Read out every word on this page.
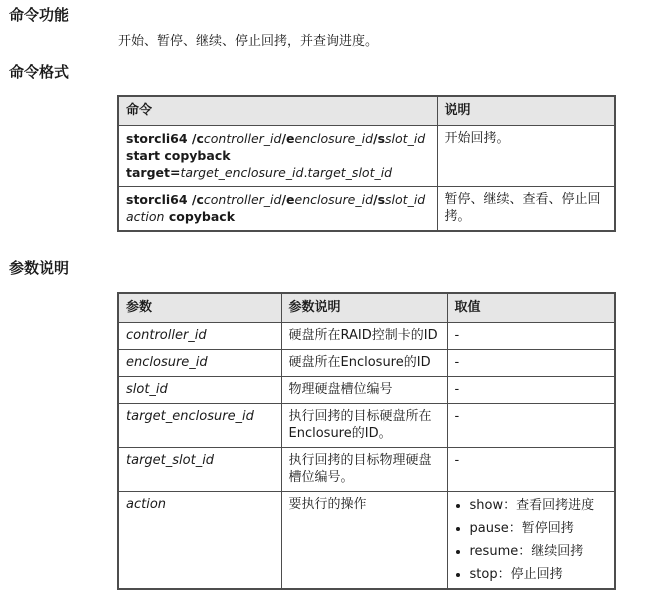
命令功能

开始、暂停、继续、停止回拷，并查询进度。

命令格式
命令	说明

storcli64 /ccontroller_id/eenclosure_id/sslot_id
start copyback
target=target_enclosure_id.target_slot_id	开始回拷。

storcli64 /ccontroller_id/eenclosure_id/sslot_id
action copyback	暂停、继续、查看、停止回拷。
参数说明
参数	参数说明	取值
controller_id	硬盘所在RAID控制卡的ID	-
enclosure_id	硬盘所在Enclosure的ID	-
slot_id	物理硬盘槽位编号	-
target_enclosure_id	执行回拷的目标硬盘所在Enclosure的ID。	-
target_slot_id	执行回拷的目标物理硬盘槽位编号。	-
action	要执行的操作	
•show：查看回拷进度
• pause：暂停回拷
• resume：继续回拷
• stop：停止回拷
